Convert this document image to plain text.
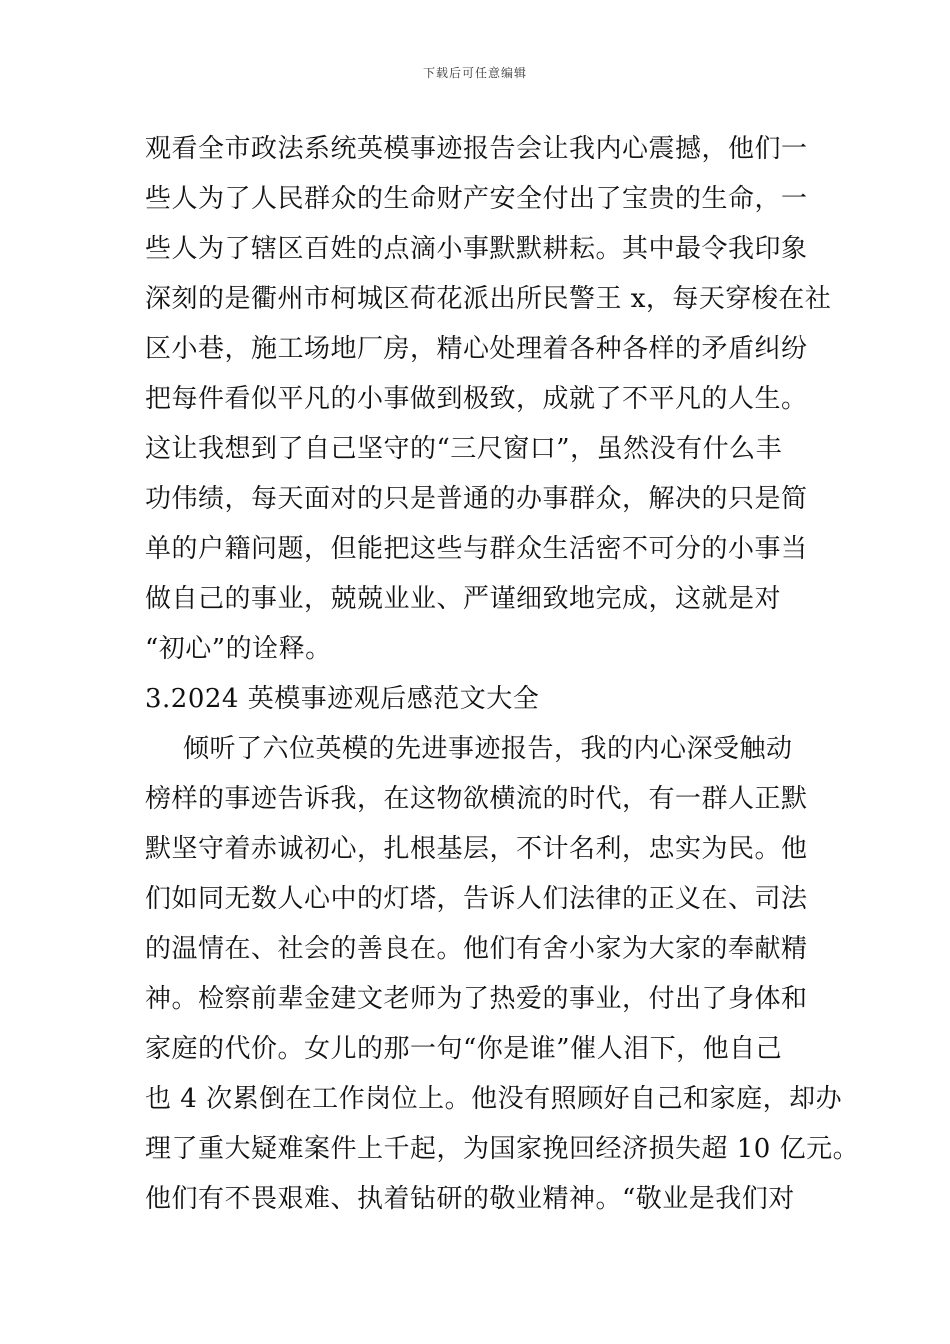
下载后可任意编辑
观看全市政法系统英模事迹报告会让我内心震撼，他们一
些人为了人民群众的生命财产安全付出了宝贵的生命，一
些人为了辖区百姓的点滴小事默默耕耘。其中最令我印象
深刻的是衢州市柯城区荷花派出所民警王 x，每天穿梭在社
区小巷，施工场地厂房，精心处理着各种各样的矛盾纠纷
把每件看似平凡的小事做到极致，成就了不平凡的人生。
这让我想到了自己坚守的“三尺窗口”，虽然没有什么丰
功伟绩，每天面对的只是普通的办事群众，解决的只是简
单的户籍问题，但能把这些与群众生活密不可分的小事当
做自己的事业，兢兢业业、严谨细致地完成，这就是对
“初心”的诠释。
3.2024 英模事迹观后感范文大全
倾听了六位英模的先进事迹报告，我的内心深受触动
榜样的事迹告诉我，在这物欲横流的时代，有一群人正默
默坚守着赤诚初心，扎根基层，不计名利，忠实为民。他
们如同无数人心中的灯塔，告诉人们法律的正义在、司法
的温情在、社会的善良在。他们有舍小家为大家的奉献精
神。检察前辈金建文老师为了热爱的事业，付出了身体和
家庭的代价。女儿的那一句“你是谁”催人泪下，他自己
也 4 次累倒在工作岗位上。他没有照顾好自己和家庭，却办
理了重大疑难案件上千起，为国家挽回经济损失超 10 亿元。
他们有不畏艰难、执着钻研的敬业精神。“敬业是我们对
